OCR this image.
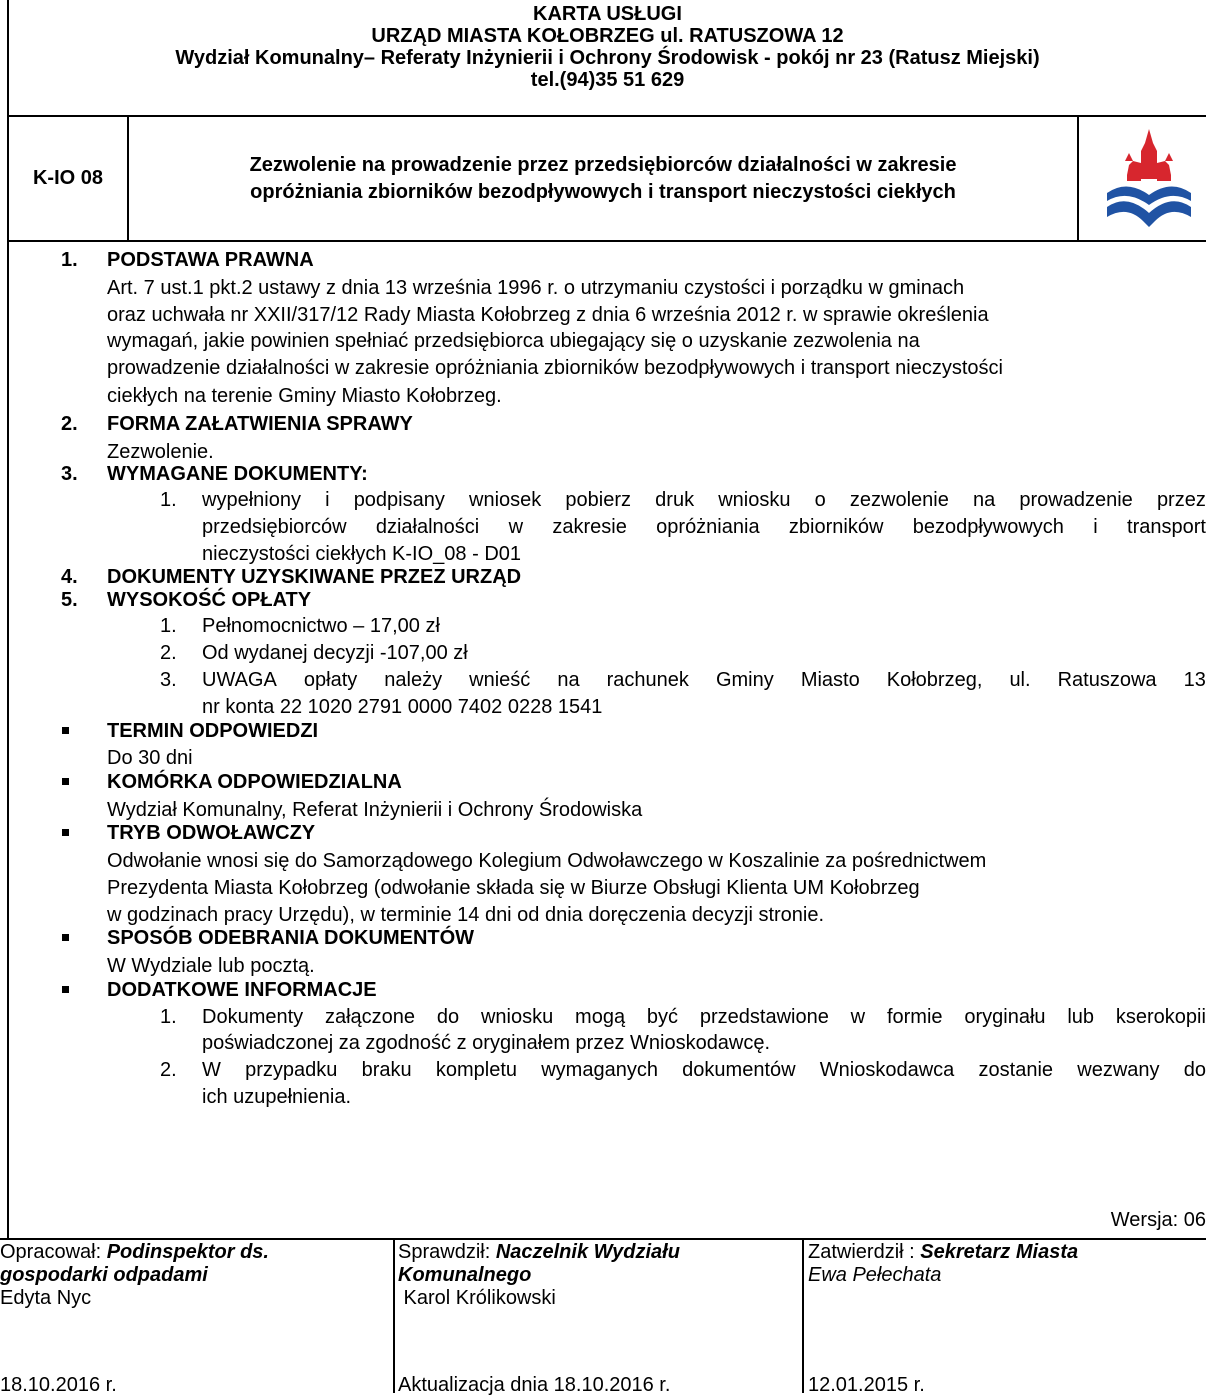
KARTA USŁUGI
URZĄD MIASTA KOŁOBRZEG ul. RATUSZOWA 12
Wydział Komunalny– Referaty Inżynierii i Ochrony Środowisk - pokój nr 23 (Ratusz Miejski)
tel.(94)35 51 629
K-IO 08
Zezwolenie na prowadzenie przez przedsiębiorców działalności w zakresie
opróżniania zbiorników bezodpływowych i transport nieczystości ciekłych
1. PODSTAWA PRAWNA
Art. 7 ust.1 pkt.2 ustawy z dnia 13 września 1996 r. o utrzymaniu czystości i porządku w gminach
oraz uchwała nr XXII/317/12 Rady Miasta Kołobrzeg z dnia 6 września 2012 r. w sprawie określenia
wymagań, jakie powinien spełniać przedsiębiorca ubiegający się o uzyskanie zezwolenia na
prowadzenie działalności w zakresie opróżniania zbiorników bezodpływowych i transport nieczystości
ciekłych na terenie Gminy Miasto Kołobrzeg.
2. FORMA ZAŁATWIENIA SPRAWY
Zezwolenie.
3. WYMAGANE DOKUMENTY:
1. wypełniony i podpisany wniosek pobierz druk wniosku o zezwolenie na prowadzenie przez
przedsiębiorców działalności w zakresie opróżniania zbiorników bezodpływowych i transport
nieczystości ciekłych K-IO_08 - D01
4. DOKUMENTY UZYSKIWANE PRZEZ URZĄD
5. WYSOKOŚĆ OPŁATY
1. Pełnomocnictwo – 17,00 zł
2. Od wydanej decyzji -107,00 zł
3. UWAGA opłaty należy wnieść na rachunek Gminy Miasto Kołobrzeg, ul. Ratuszowa 13
nr konta 22 1020 2791 0000 7402 0228 1541
TERMIN ODPOWIEDZI
Do 30 dni
KOMÓRKA ODPOWIEDZIALNA
Wydział Komunalny, Referat Inżynierii i Ochrony Środowiska
TRYB ODWOŁAWCZY
Odwołanie wnosi się do Samorządowego Kolegium Odwoławczego w Koszalinie za pośrednictwem
Prezydenta Miasta Kołobrzeg (odwołanie składa się w Biurze Obsługi Klienta UM Kołobrzeg
w godzinach pracy Urzędu), w terminie 14 dni od dnia doręczenia decyzji stronie.
SPOSÓB ODEBRANIA DOKUMENTÓW
W Wydziale lub pocztą.
DODATKOWE INFORMACJE
1. Dokumenty załączone do wniosku mogą być przedstawione w formie oryginału lub kserokopii
poświadczonej za zgodność z oryginałem przez Wnioskodawcę.
2. W przypadku braku kompletu wymaganych dokumentów Wnioskodawca zostanie wezwany do
ich uzupełnienia.
Wersja: 06
Opracował: Podinspektor ds.
gospodarki odpadami
Edyta Nyc
18.10.2016 r.
Sprawdził: Naczelnik Wydziału
Komunalnego
Karol Królikowski
Aktualizacja dnia 18.10.2016 r.
Zatwierdził : Sekretarz Miasta
Ewa Pełechata
12.01.2015 r.
